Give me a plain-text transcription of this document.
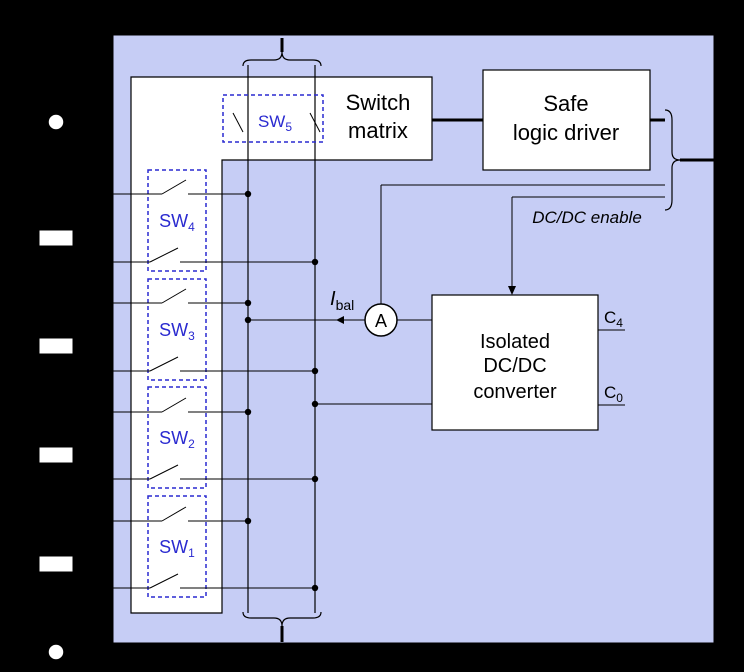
Active equalizer
To upper module
To lower module
μC interface
Switch
matrix
Safe
logic driver
DC/DC enable
Isolated
DC/DC
converter
$C_4$
$C_0$
A
$I_{bal}$
$SW_5$
$SW_4$
$SW_3$
$SW_2$
$SW_1$
+
−
$C_4$
$C_0$
